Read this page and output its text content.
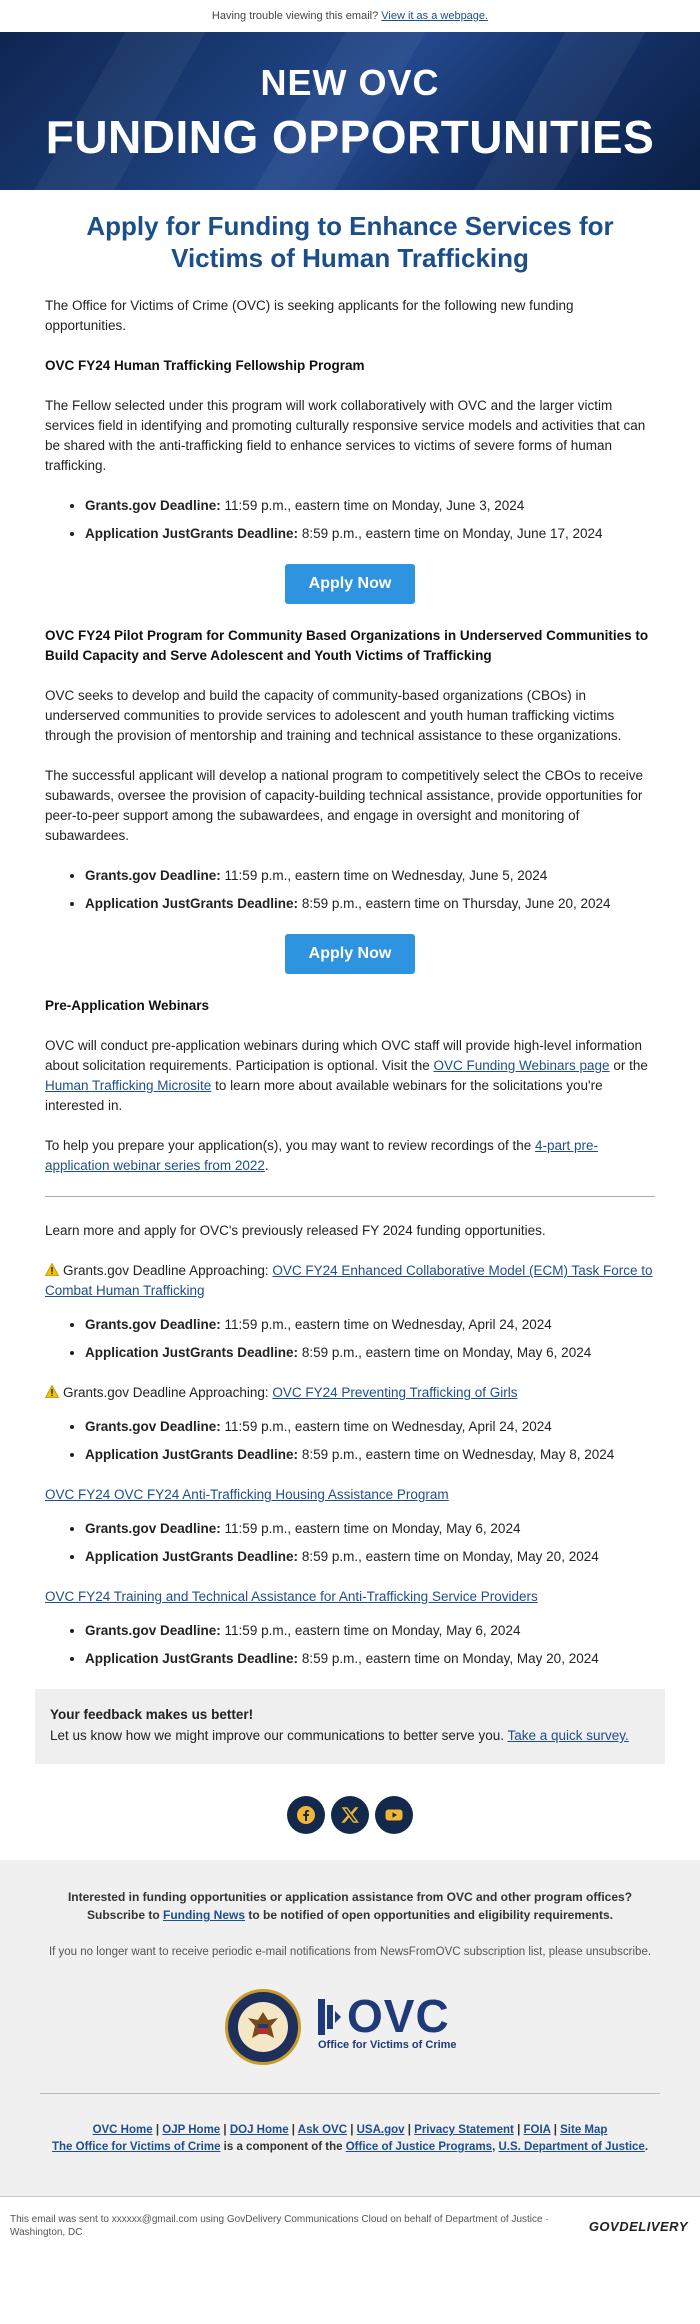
Having trouble viewing this email? View it as a webpage.
NEW OVC
FUNDING OPPORTUNITIES
Apply for Funding to Enhance Services for Victims of Human Trafficking

The Office for Victims of Crime (OVC) is seeking applicants for the following new funding opportunities.

OVC FY24 Human Trafficking Fellowship Program

The Fellow selected under this program will work collaboratively with OVC and the larger victim services field in identifying and promoting culturally responsive service models and activities that can be shared with the anti-trafficking field to enhance services to victims of severe forms of human trafficking.

• Grants.gov Deadline: 11:59 p.m., eastern time on Monday, June 3, 2024
• Application JustGrants Deadline: 8:59 p.m., eastern time on Monday, June 17, 2024
Apply Now
OVC FY24 Pilot Program for Community Based Organizations in Underserved Communities to Build Capacity and Serve Adolescent and Youth Victims of Trafficking

OVC seeks to develop and build the capacity of community-based organizations (CBOs) in underserved communities to provide services to adolescent and youth human trafficking victims through the provision of mentorship and training and technical assistance to these organizations.

The successful applicant will develop a national program to competitively select the CBOs to receive subawards, oversee the provision of capacity-building technical assistance, provide opportunities for peer-to-peer support among the subawardees, and engage in oversight and monitoring of subawardees.

• Grants.gov Deadline: 11:59 p.m., eastern time on Wednesday, June 5, 2024
• Application JustGrants Deadline: 8:59 p.m., eastern time on Thursday, June 20, 2024
Apply Now
Pre-Application Webinars

OVC will conduct pre-application webinars during which OVC staff will provide high-level information about solicitation requirements. Participation is optional. Visit the OVC Funding Webinars page or the Human Trafficking Microsite to learn more about available webinars for the solicitations you're interested in.

To help you prepare your application(s), you may want to review recordings of the 4-part pre-application webinar series from 2022.

Learn more and apply for OVC's previously released FY 2024 funding opportunities.

Grants.gov Deadline Approaching: OVC FY24 Enhanced Collaborative Model (ECM) Task Force to Combat Human Trafficking

• Grants.gov Deadline: 11:59 p.m., eastern time on Wednesday, April 24, 2024
• Application JustGrants Deadline: 8:59 p.m., eastern time on Monday, May 6, 2024

Grants.gov Deadline Approaching: OVC FY24 Preventing Trafficking of Girls

• Grants.gov Deadline: 11:59 p.m., eastern time on Wednesday, April 24, 2024
• Application JustGrants Deadline: 8:59 p.m., eastern time on Wednesday, May 8, 2024

OVC FY24 OVC FY24 Anti-Trafficking Housing Assistance Program

• Grants.gov Deadline: 11:59 p.m., eastern time on Monday, May 6, 2024
• Application JustGrants Deadline: 8:59 p.m., eastern time on Monday, May 20, 2024

OVC FY24 Training and Technical Assistance for Anti-Trafficking Service Providers

• Grants.gov Deadline: 11:59 p.m., eastern time on Monday, May 6, 2024
• Application JustGrants Deadline: 8:59 p.m., eastern time on Monday, May 20, 2024
Your feedback makes us better!
Let us know how we might improve our communications to better serve you. Take a quick survey.

Interested in funding opportunities or application assistance from OVC and other program offices? Subscribe to Funding News to be notified of open opportunities and eligibility requirements.
If you no longer want to receive periodic e-mail notifications from NewsFromOVC subscription list, please unsubscribe.
OVC
Office for Victims of Crime
OVC Home | OJP Home | DOJ Home | Ask OVC | USA.gov | Privacy Statement | FOIA | Site Map
The Office for Victims of Crime is a component of the Office of Justice Programs, U.S. Department of Justice.
This email was sent to xxxxxx@gmail.com using GovDelivery Communications Cloud on behalf of Department of Justice · Washington, DC	GOVDELIVERY
